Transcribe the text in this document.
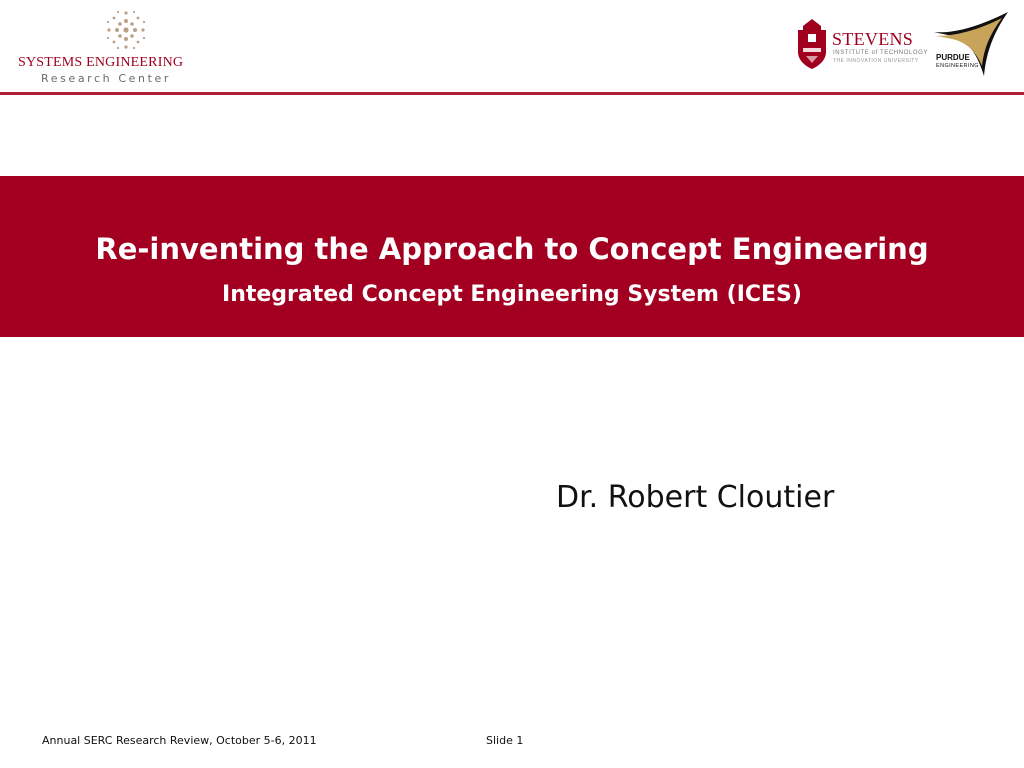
SYSTEMS ENGINEERING
Research Center
STEVENS
INSTITUTE of TECHNOLOGY
THE INNOVATION UNIVERSITY PURDUE
ENGINEERING
Re-inventing the Approach to Concept Engineering
Integrated Concept Engineering System (ICES)
Dr. Robert Cloutier
Annual SERC Research Review, October 5-6, 2011	Slide 1
